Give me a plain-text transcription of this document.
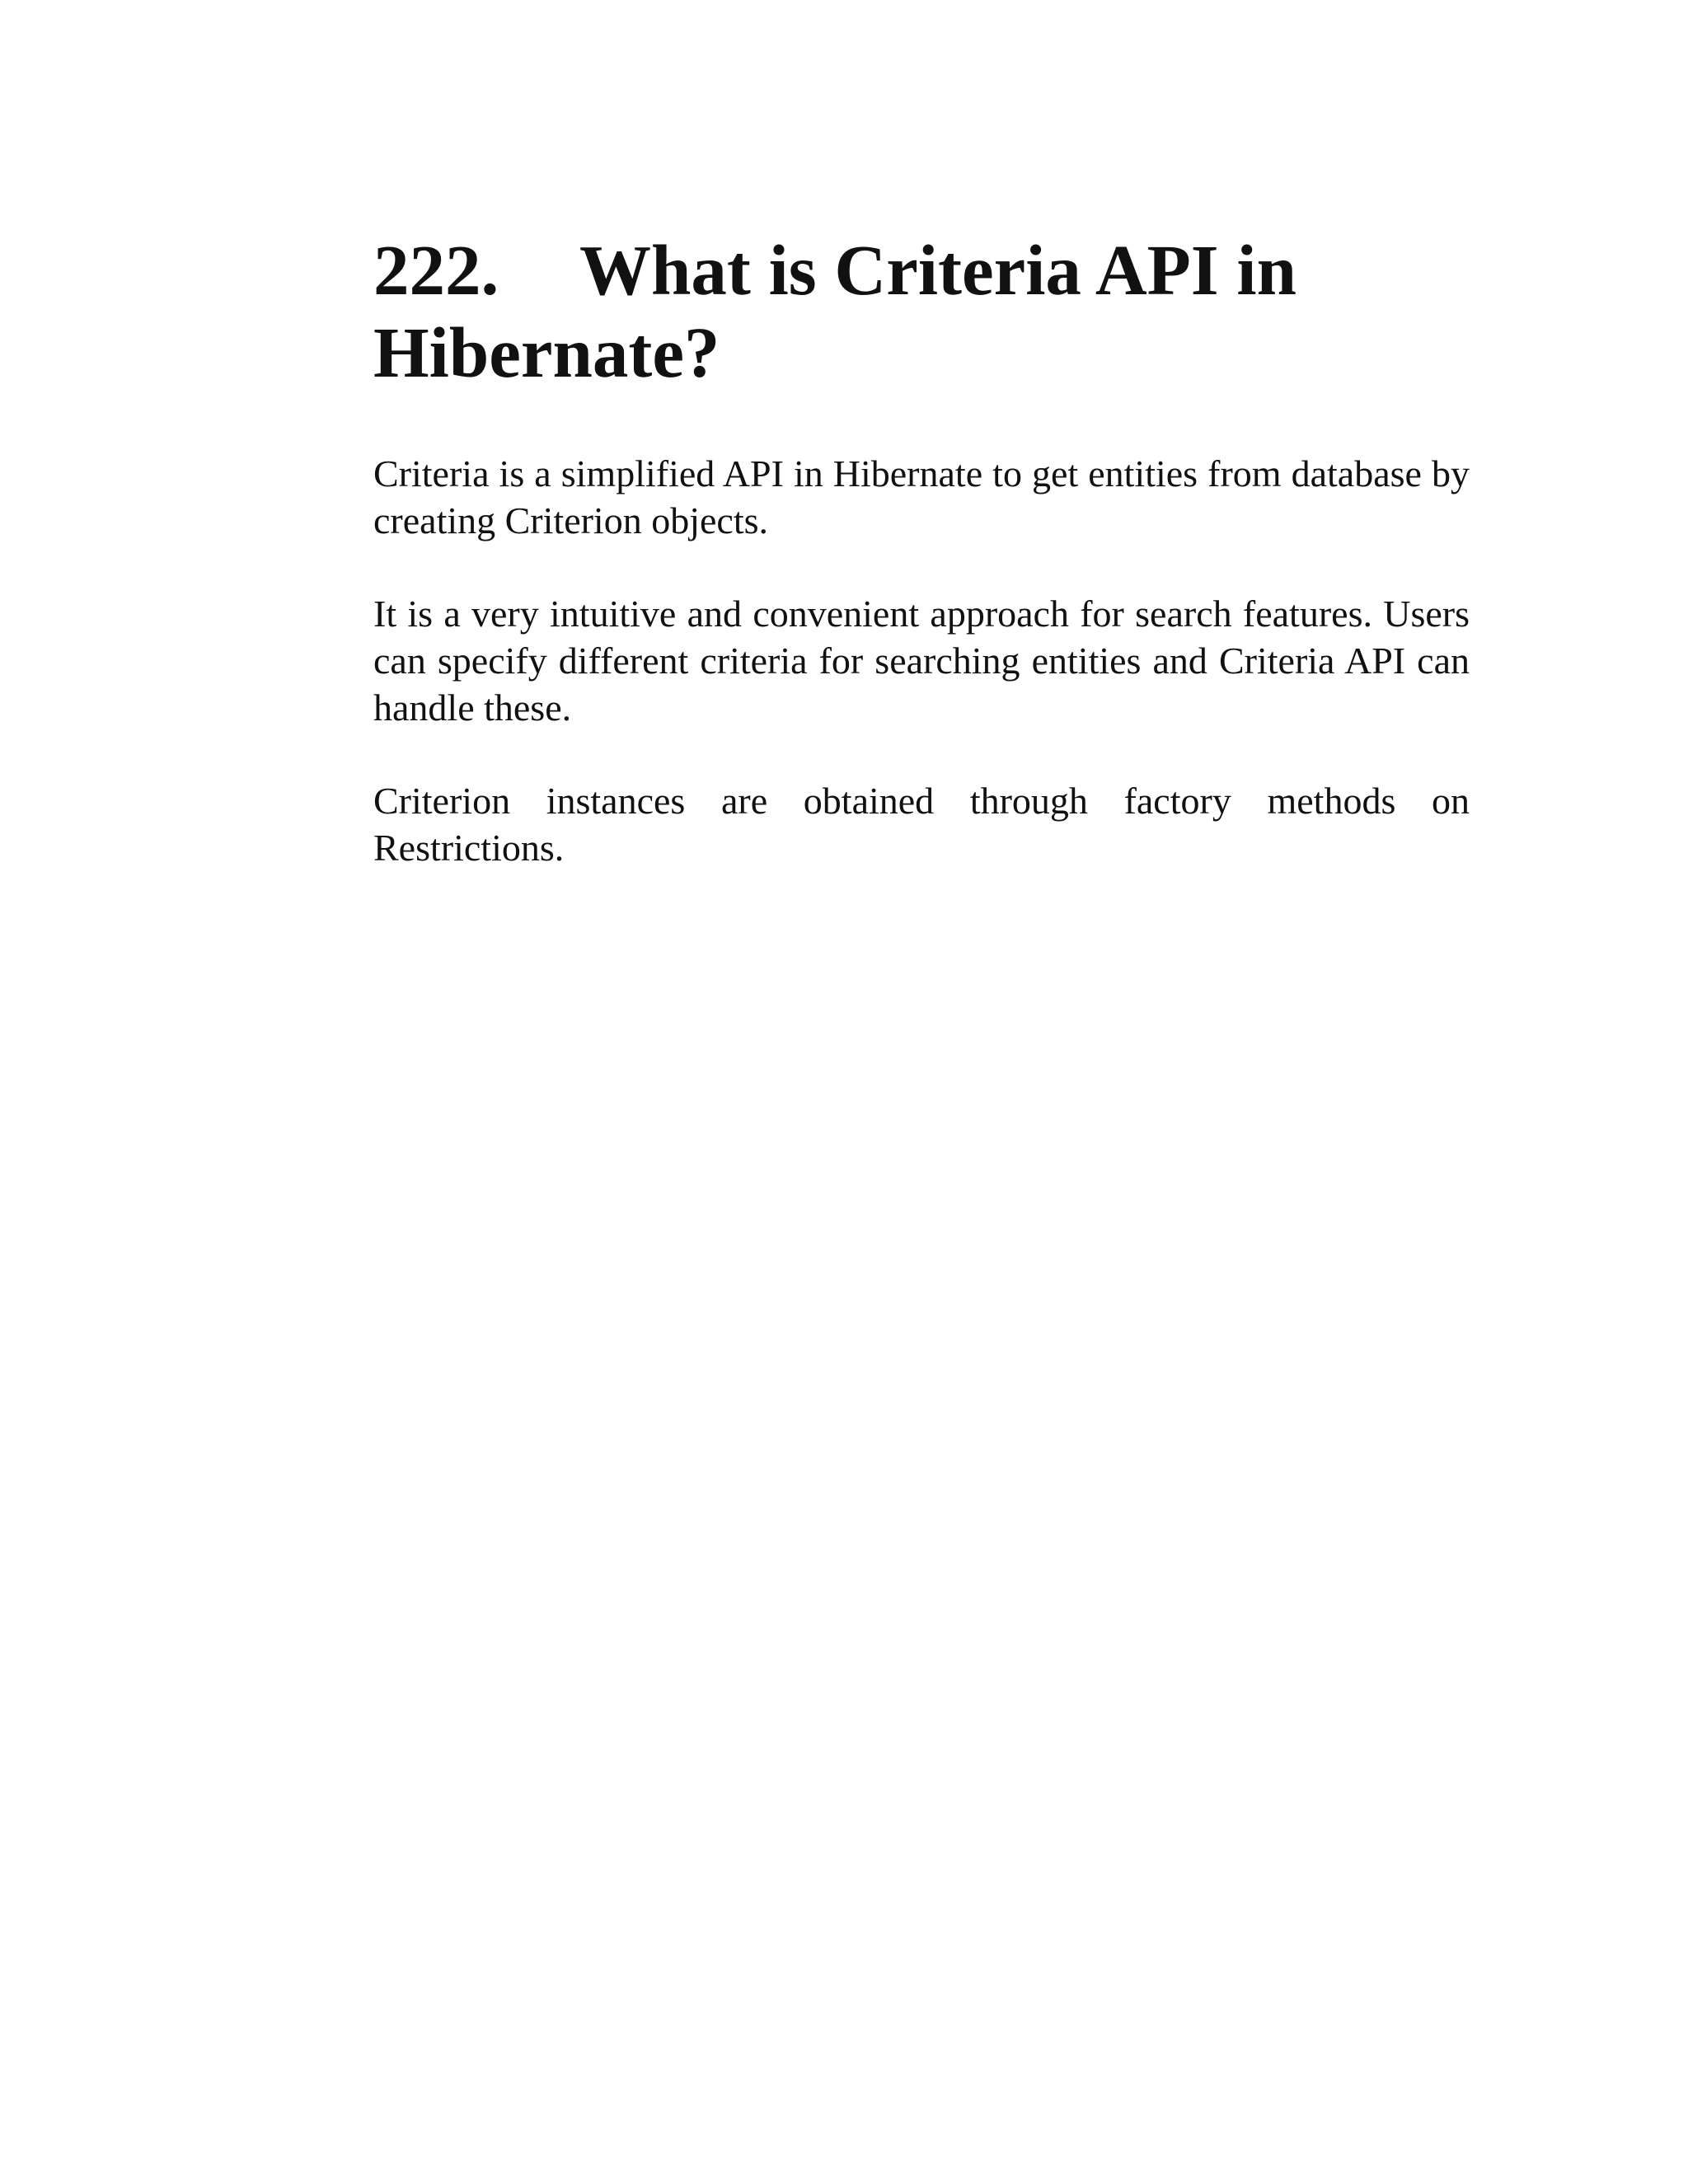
222. What is Criteria API in
Hibernate?

Criteria is a simplified API in Hibernate to get entities from database by creating Criterion objects.

It is a very intuitive and convenient approach for search features. Users can specify different criteria for searching entities and Criteria API can handle these.

Criterion instances are obtained through factory methods on Restrictions.
